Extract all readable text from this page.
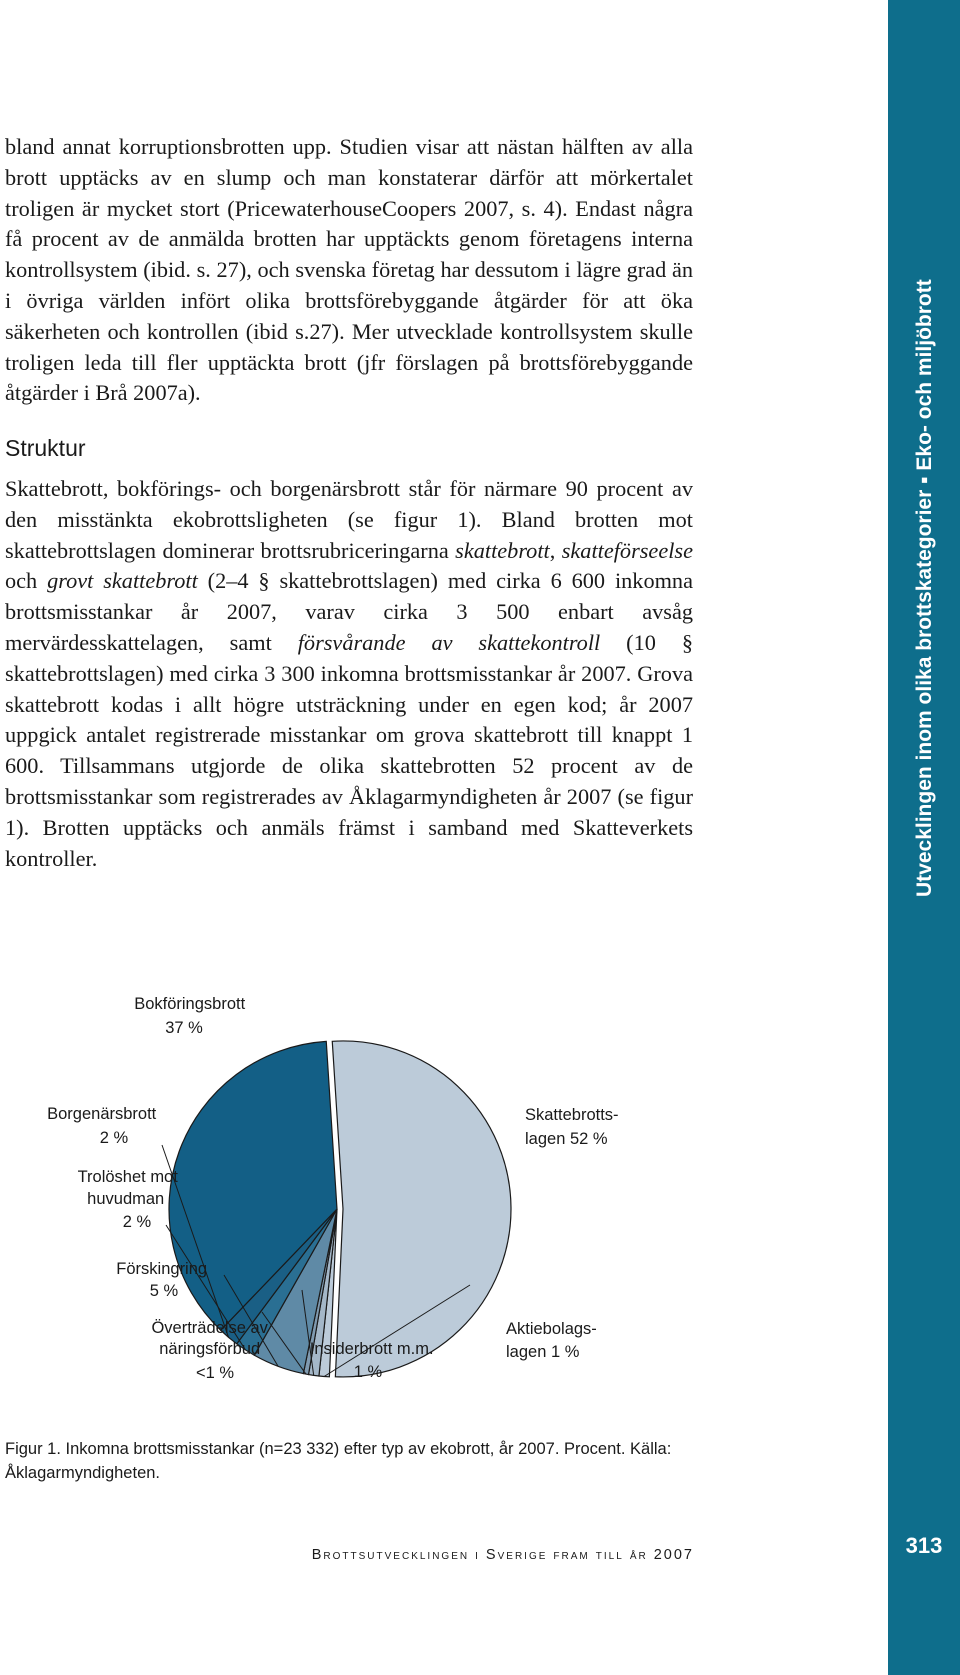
bland annat korruptionsbrotten upp. Studien visar att nästan hälften av alla brott upptäcks av en slump och man konstaterar därför att mörkertalet troligen är mycket stort (PricewaterhouseCoopers 2007, s. 4). Endast några få procent av de anmälda brotten har upptäckts genom företagens interna kontrollsystem (ibid. s. 27), och svenska företag har dessutom i lägre grad än i övriga världen infört olika brottsförebyggande åtgärder för att öka säkerheten och kontrollen (ibid s.27). Mer utvecklade kontrollsystem skulle troligen leda till fler upptäckta brott (jfr förslagen på brottsförebyggande åtgärder i Brå 2007a).

Struktur

Skattebrott, bokförings- och borgenärsbrott står för närmare 90 procent av den misstänkta ekobrottsligheten (se figur 1). Bland brotten mot skattebrottslagen dominerar brottsrubriceringarna skattebrott, skatteförseelse och grovt skattebrott (2–4 § skattebrottslagen) med cirka 6 600 inkomna brottsmisstankar år 2007, varav cirka 3 500 enbart avsåg mervärdesskattelagen, samt försvårande av skattekontroll (10 § skattebrottslagen) med cirka 3 300 inkomna brottsmisstankar år 2007. Grova skattebrott kodas i allt högre utsträckning under en egen kod; år 2007 uppgick antalet registrerade misstankar om grova skattebrott till knappt 1 600. Tillsammans utgjorde de olika skattebrotten 52 procent av de brottsmisstankar som registrerades av Åklagarmyndigheten år 2007 (se figur 1). Brotten upptäcks och anmäls främst i samband med Skatteverkets kontroller.

Bokföringsbrott 37 %
Borgenärsbrott 2 %
Trolöshet mot huvudman 2 %
Förskingring 5 %
Överträdelse av näringsförbud <1 %
Insiderbrott m.m. 1 %
Aktiebolags- lagen 1 %
Skattebrotts- lagen 52 %

Figur 1. Inkomna brottsmisstankar (n=23 332) efter typ av ekobrott, år 2007. Procent. Källa: Åklagarmyndigheten.

Brottsutvecklingen i Sverige fram till år 2007
Utvecklingen inom olika brottskategorier ▪ Eko- och miljöbrott
313
